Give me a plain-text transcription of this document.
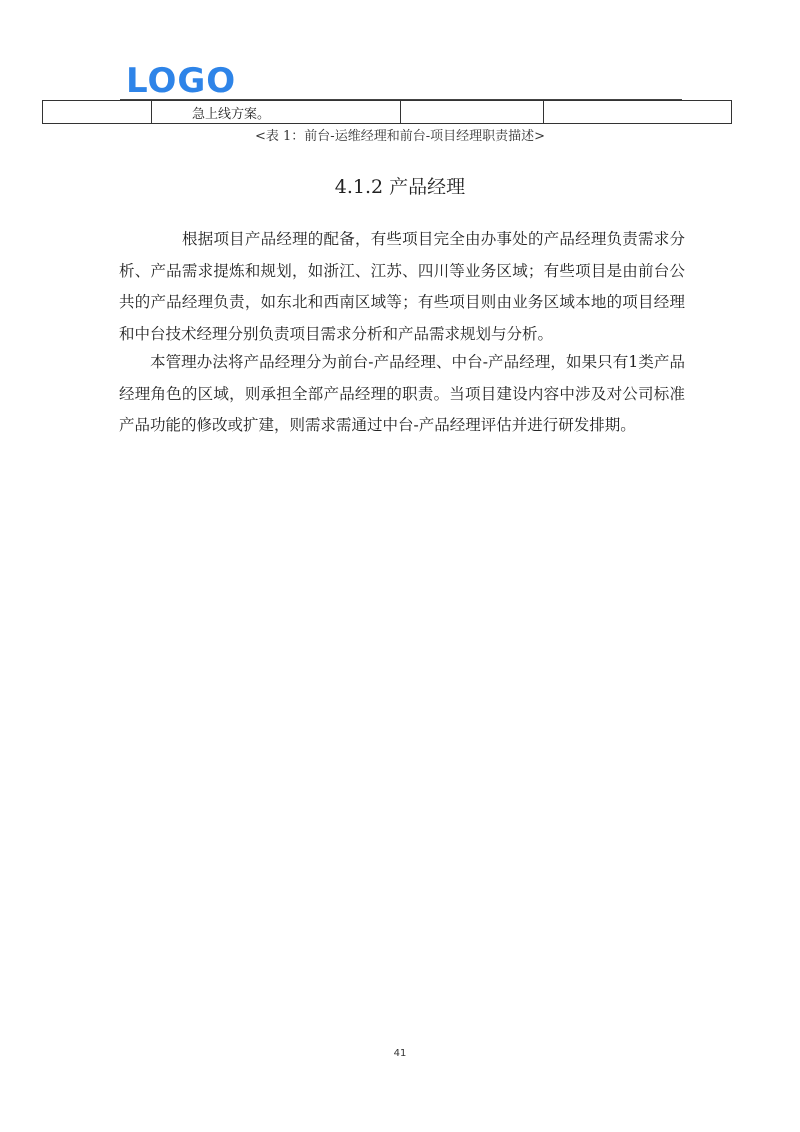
LOGO
	急上线方案。		
<表 1：前台-运维经理和前台-项目经理职责描述>
4.1.2 产品经理

根据项目产品经理的配备，有些项目完全由办事处的产品经理负责需求分析、产品需求提炼和规划，如浙江、江苏、四川等业务区域；有些项目是由前台公共的产品经理负责，如东北和西南区域等；有些项目则由业务区域本地的项目经理和中台技术经理分别负责项目需求分析和产品需求规划与分析。

本管理办法将产品经理分为前台-产品经理、中台-产品经理，如果只有1类产品经理角色的区域，则承担全部产品经理的职责。当项目建设内容中涉及对公司标准产品功能的修改或扩建，则需求需通过中台-产品经理评估并进行研发排期。

41
